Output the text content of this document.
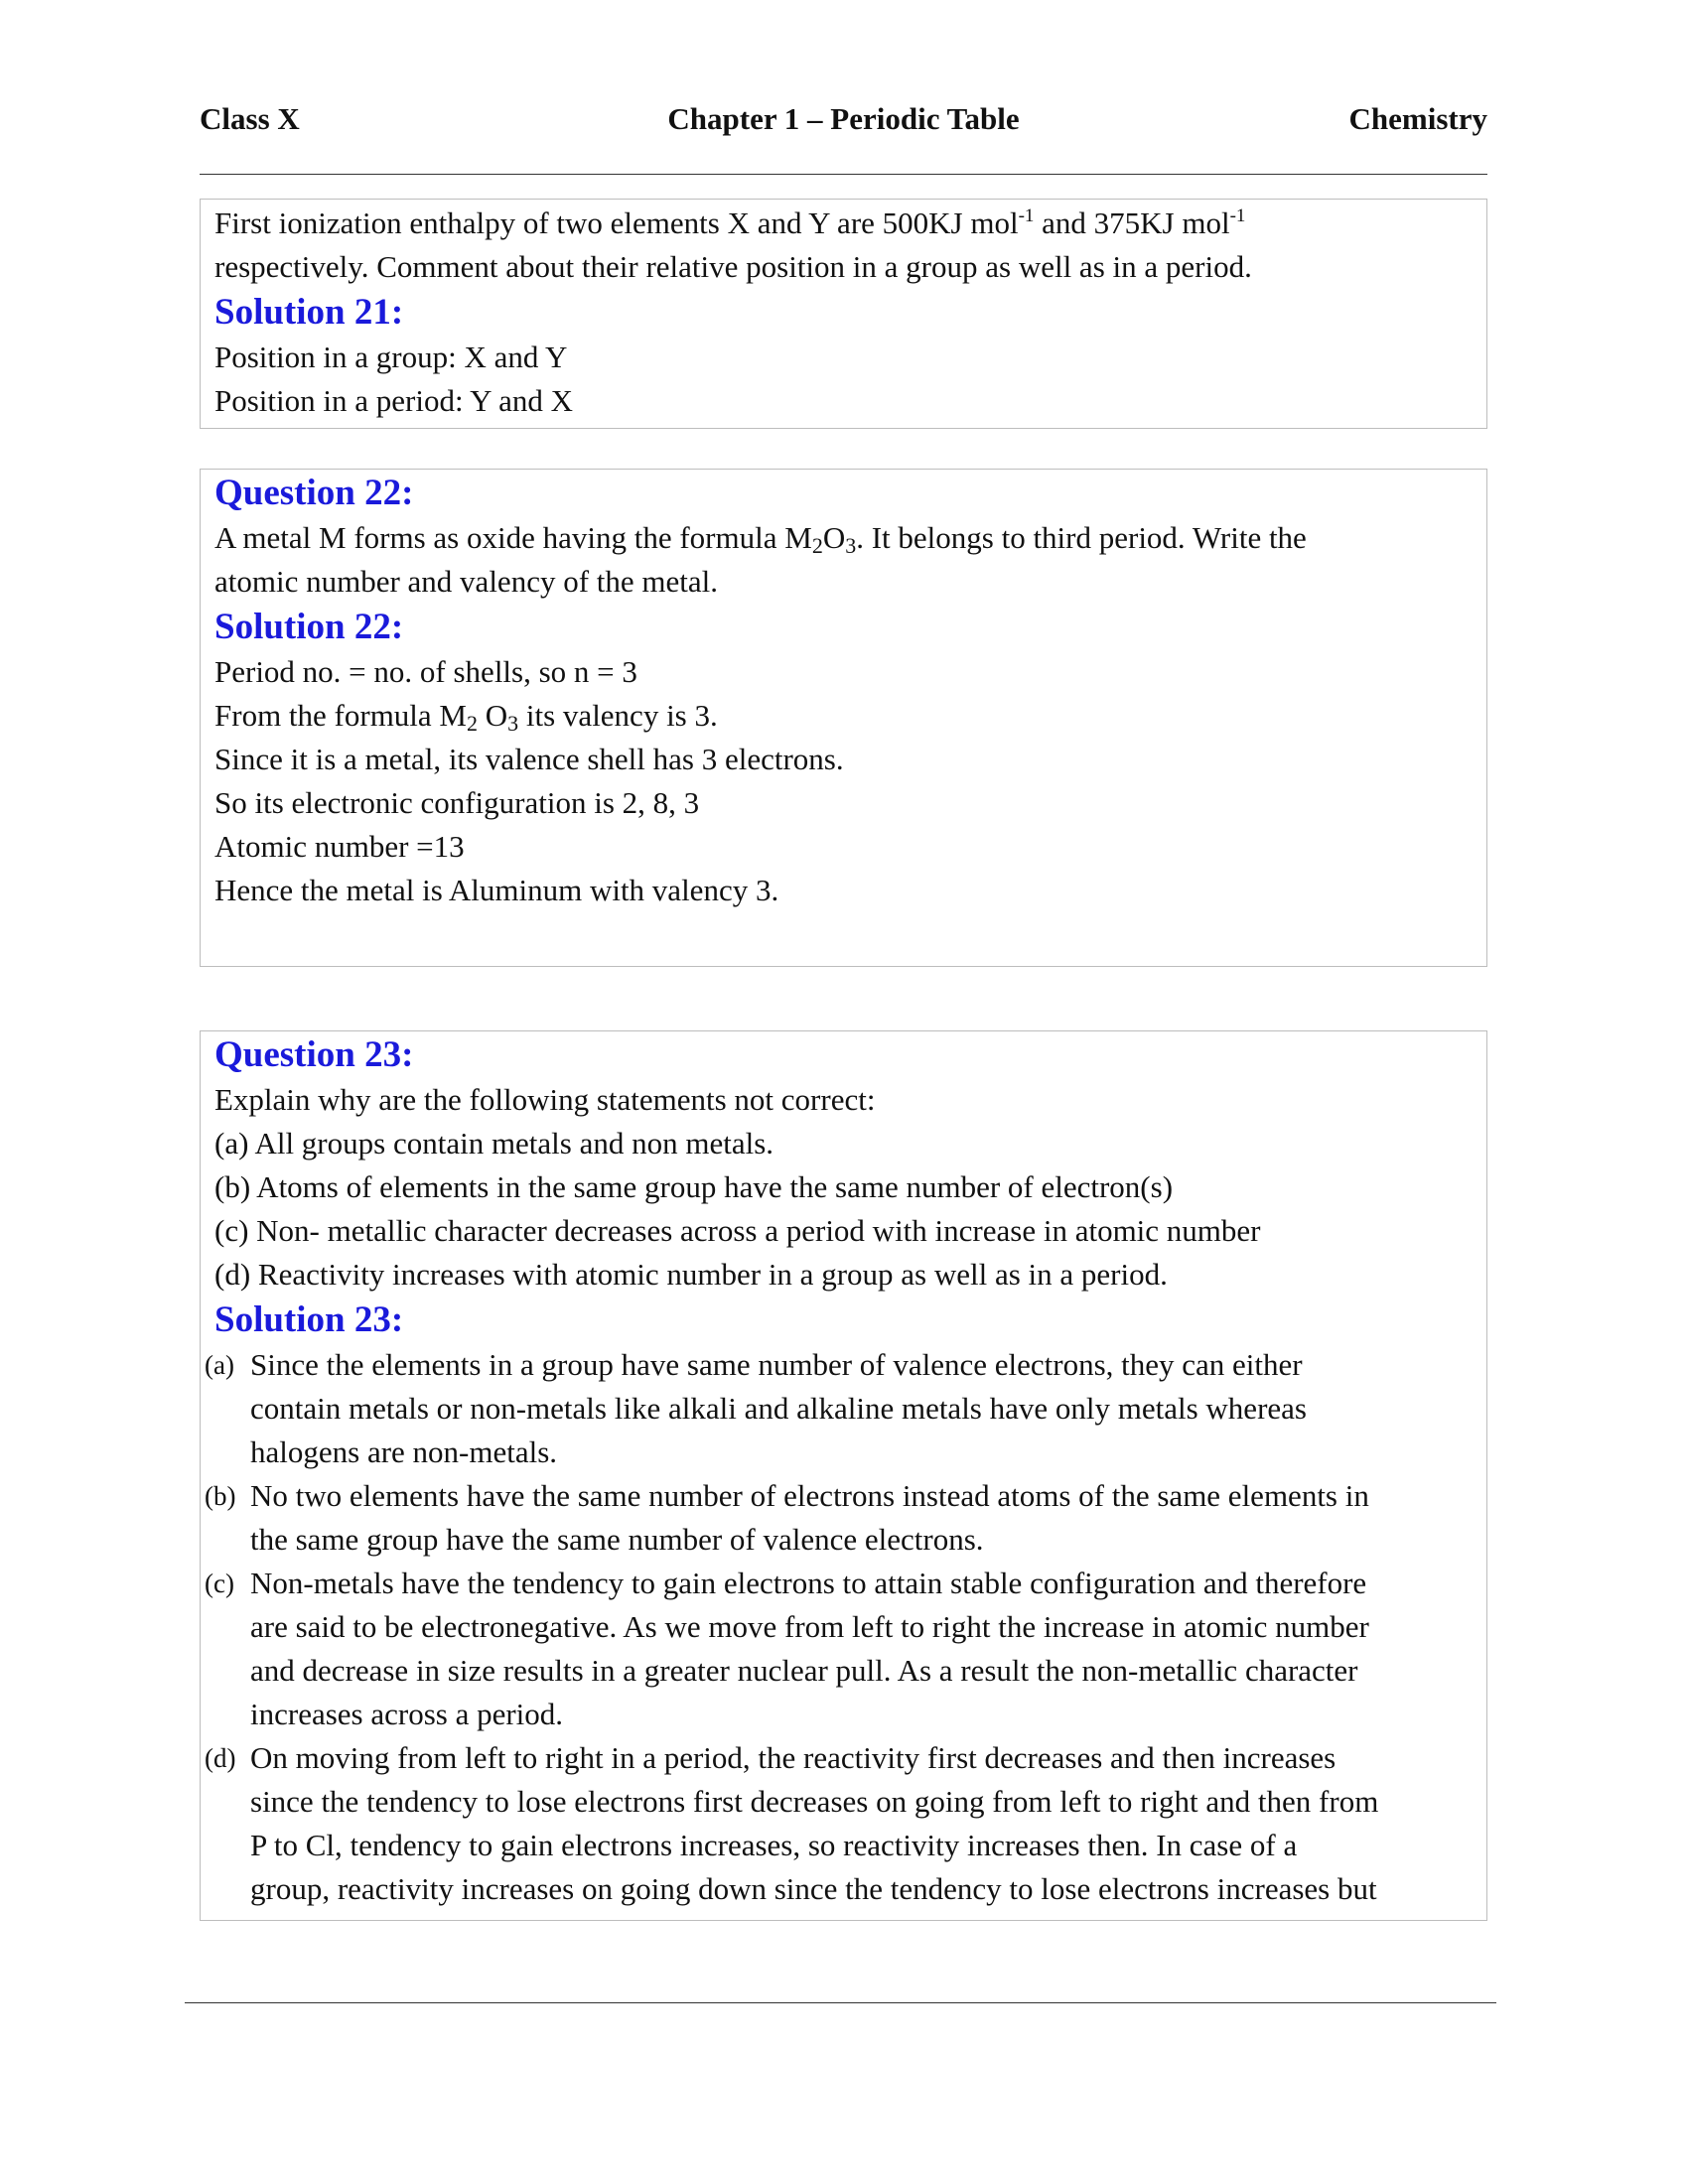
Class X	Chapter 1 – Periodic Table	Chemistry

First ionization enthalpy of two elements X and Y are 500KJ mol$^{-1}$ and 375KJ mol$^{-1}$

respectively. Comment about their relative position in a group as well as in a period.

Solution 21:

Position in a group: X and Y

Position in a period: Y and X

Question 22:

A metal M forms as oxide having the formula $M_2O_3$. It belongs to third period. Write the

atomic number and valency of the metal.

Solution 22:

Period no. = no. of shells, so n = 3

From the formula $M_2$ $O_3$ its valency is 3.

Since it is a metal, its valence shell has 3 electrons.

So its electronic configuration is 2, 8, 3

Atomic number =13

Hence the metal is Aluminum with valency 3.

Question 23:

Explain why are the following statements not correct:

(a) All groups contain metals and non metals.

(b) Atoms of elements in the same group have the same number of electron(s)

(c) Non- metallic character decreases across a period with increase in atomic number

(d) Reactivity increases with atomic number in a group as well as in a period.

Solution 23:

(a) Since the elements in a group have same number of valence electrons, they can either
contain metals or non-metals like alkali and alkaline metals have only metals whereas
halogens are non-metals.
(b) No two elements have the same number of electrons instead atoms of the same elements in
the same group have the same number of valence electrons.
(c) Non-metals have the tendency to gain electrons to attain stable configuration and therefore
are said to be electronegative. As we move from left to right the increase in atomic number
and decrease in size results in a greater nuclear pull. As a result the non-metallic character
increases across a period.
(d) On moving from left to right in a period, the reactivity first decreases and then increases
since the tendency to lose electrons first decreases on going from left to right and then from
P to Cl, tendency to gain electrons increases, so reactivity increases then. In case of a
group, reactivity increases on going down since the tendency to lose electrons increases but
